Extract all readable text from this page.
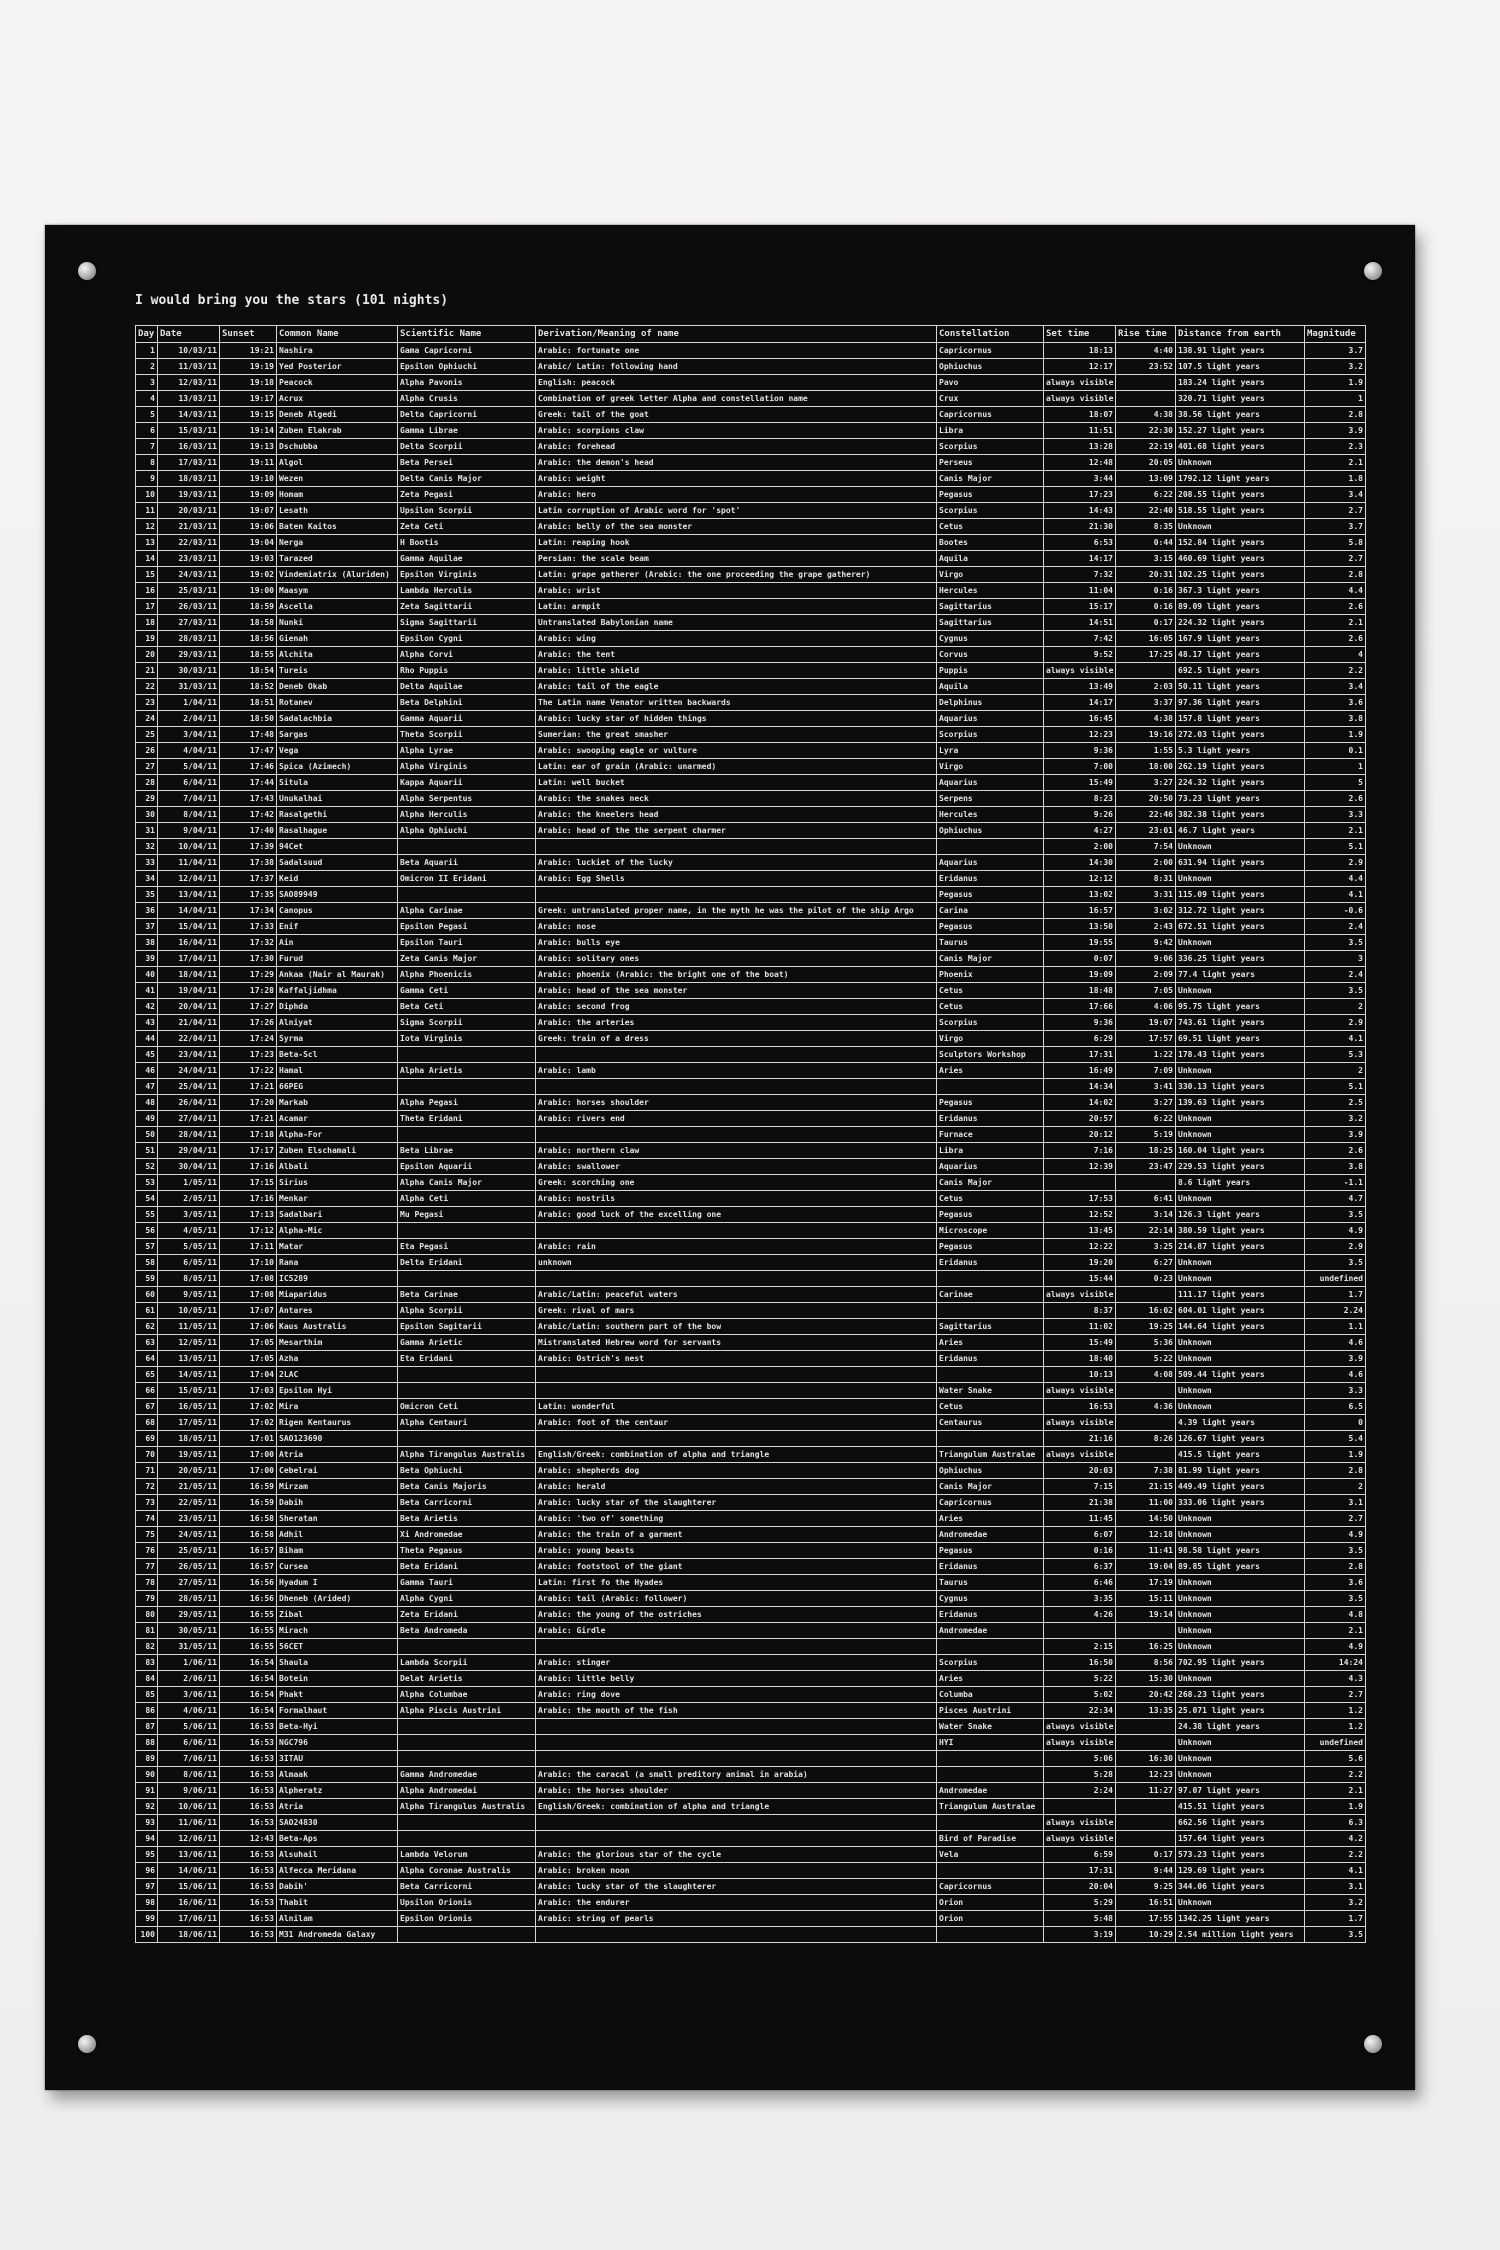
I would bring you the stars (101 nights)
Day	Date	Sunset	Common Name	Scientific Name	Derivation/Meaning of name	Constellation	Set time	Rise time	Distance from earth	Magnitude
1	10/03/11	19:21	Nashira	Gama Capricorni	Arabic: fortunate one	Capricornus	18:13	4:40	138.91 light years	3.7
2	11/03/11	19:19	Yed Posterior	Epsilon Ophiuchi	Arabic/ Latin: following hand	Ophiuchus	12:17	23:52	107.5 light years	3.2
3	12/03/11	19:18	Peacock	Alpha Pavonis	English: peacock	Pavo	always visible		183.24 light years	1.9
4	13/03/11	19:17	Acrux	Alpha Crusis	Combination of greek letter Alpha and constellation name	Crux	always visible		320.71 light years	1
5	14/03/11	19:15	Deneb Algedi	Delta Capricorni	Greek: tail of the goat	Capricornus	18:07	4:38	38.56 light years	2.8
6	15/03/11	19:14	Zuben Elakrab	Gamma Librae	Arabic: scorpions claw	Libra	11:51	22:30	152.27 light years	3.9
7	16/03/11	19:13	Dschubba	Delta Scorpii	Arabic: forehead	Scorpius	13:28	22:19	401.68 light years	2.3
8	17/03/11	19:11	Algol	Beta Persei	Arabic: the demon's head	Perseus	12:48	20:05	Unknown	2.1
9	18/03/11	19:10	Wezen	Delta Canis Major	Arabic: weight	Canis Major	3:44	13:09	1792.12 light years	1.8
10	19/03/11	19:09	Homam	Zeta Pegasi	Arabic: hero	Pegasus	17:23	6:22	208.55 light years	3.4
11	20/03/11	19:07	Lesath	Upsilon Scorpii	Latin corruption of Arabic word for 'spot'	Scorpius	14:43	22:40	518.55 light years	2.7
12	21/03/11	19:06	Baten Kaitos	Zeta Ceti	Arabic: belly of the sea monster	Cetus	21:30	8:35	Unknown	3.7
13	22/03/11	19:04	Nerga	H Bootis	Latin: reaping hook	Bootes	6:53	0:44	152.84 light years	5.8
14	23/03/11	19:03	Tarazed	Gamma Aquilae	Persian: the scale beam	Aquila	14:17	3:15	460.69 light years	2.7
15	24/03/11	19:02	Vindemiatrix (Aluriden)	Epsilon Virginis	Latin: grape gatherer (Arabic: the one proceeding the grape gatherer)	Virgo	7:32	20:31	102.25 light years	2.8
16	25/03/11	19:00	Maasym	Lambda Herculis	Arabic: wrist	Hercules	11:04	0:16	367.3 light years	4.4
17	26/03/11	18:59	Ascella	Zeta Sagittarii	Latin: armpit	Sagittarius	15:17	0:16	89.09 light years	2.6
18	27/03/11	18:58	Nunki	Sigma Sagittarii	Untranslated Babylonian name	Sagittarius	14:51	0:17	224.32 light years	2.1
19	28/03/11	18:56	Gienah	Epsilon Cygni	Arabic: wing	Cygnus	7:42	16:05	167.9 light years	2.6
20	29/03/11	18:55	Alchita	Alpha Corvi	Arabic: the tent	Corvus	9:52	17:25	48.17 light years	4
21	30/03/11	18:54	Tureis	Rho Puppis	Arabic: little shield	Puppis	always visible		692.5 light years	2.2
22	31/03/11	18:52	Deneb Okab	Delta Aquilae	Arabic: tail of the eagle	Aquila	13:49	2:03	50.11 light years	3.4
23	1/04/11	18:51	Rotanev	Beta Delphini	The Latin name Venator written backwards	Delphinus	14:17	3:37	97.36 light years	3.6
24	2/04/11	18:50	Sadalachbia	Gamma Aquarii	Arabic: lucky star of hidden things	Aquarius	16:45	4:38	157.8 light years	3.8
25	3/04/11	17:48	Sargas	Theta Scorpii	Sumerian: the great smasher	Scorpius	12:23	19:16	272.03 light years	1.9
26	4/04/11	17:47	Vega	Alpha Lyrae	Arabic: swooping eagle or vulture	Lyra	9:36	1:55	5.3 light years	0.1
27	5/04/11	17:46	Spica (Azimech)	Alpha Virginis	Latin: ear of grain (Arabic: unarmed)	Virgo	7:00	18:00	262.19 light years	1
28	6/04/11	17:44	Situla	Kappa Aquarii	Latin: well bucket	Aquarius	15:49	3:27	224.32 light years	5
29	7/04/11	17:43	Unukalhai	Alpha Serpentus	Arabic: the snakes neck	Serpens	8:23	20:50	73.23 light years	2.6
30	8/04/11	17:42	Rasalgethi	Alpha Herculis	Arabic: the kneelers head	Hercules	9:26	22:46	382.38 light years	3.3
31	9/04/11	17:40	Rasalhague	Alpha Ophiuchi	Arabic: head of the the serpent charmer	Ophiuchus	4:27	23:01	46.7 light years	2.1
32	10/04/11	17:39	94Cet				2:00	7:54	Unknown	5.1
33	11/04/11	17:38	Sadalsuud	Beta Aquarii	Arabic: luckiet of the lucky	Aquarius	14:30	2:00	631.94 light years	2.9
34	12/04/11	17:37	Keid	Omicron II Eridani	Arabic: Egg Shells	Eridanus	12:12	8:31	Unknown	4.4
35	13/04/11	17:35	SAO89949			Pegasus	13:02	3:31	115.09 light years	4.1
36	14/04/11	17:34	Canopus	Alpha Carinae	Greek: untranslated proper name, in the myth he was the pilot of the ship Argo	Carina	16:57	3:02	312.72 light years	-0.6
37	15/04/11	17:33	Enif	Epsilon Pegasi	Arabic: nose	Pegasus	13:50	2:43	672.51 light years	2.4
38	16/04/11	17:32	Ain	Epsilon Tauri	Arabic: bulls eye	Taurus	19:55	9:42	Unknown	3.5
39	17/04/11	17:30	Furud	Zeta Canis Major	Arabic: solitary ones	Canis Major	0:07	9:06	336.25 light years	3
40	18/04/11	17:29	Ankaa (Nair al Maurak)	Alpha Phoenicis	Arabic: phoenix (Arabic: the bright one of the boat)	Phoenix	19:09	2:09	77.4 light years	2.4
41	19/04/11	17:28	Kaffaljidhma	Gamma Ceti	Arabic: head of the sea monster	Cetus	18:48	7:05	Unknown	3.5
42	20/04/11	17:27	Diphda	Beta Ceti	Arabic: second frog	Cetus	17:66	4:06	95.75 light years	2
43	21/04/11	17:26	Alniyat	Sigma Scorpii	Arabic: the arteries	Scorpius	9:36	19:07	743.61 light years	2.9
44	22/04/11	17:24	Syrma	Iota Virginis	Greek: train of a dress	Virgo	6:29	17:57	69.51 light years	4.1
45	23/04/11	17:23	Beta-Scl			Sculptors Workshop	17:31	1:22	178.43 light years	5.3
46	24/04/11	17:22	Hamal	Alpha Arietis	Arabic: lamb	Aries	16:49	7:09	Unknown	2
47	25/04/11	17:21	66PEG				14:34	3:41	330.13 light years	5.1
48	26/04/11	17:20	Markab	Alpha Pegasi	Arabic: horses shoulder	Pegasus	14:02	3:27	139.63 light years	2.5
49	27/04/11	17:21	Acamar	Theta Eridani	Arabic: rivers end	Eridanus	20:57	6:22	Unknown	3.2
50	28/04/11	17:18	Alpha-For			Furnace	20:12	5:19	Unknown	3.9
51	29/04/11	17:17	Zuben Elschamali	Beta Librae	Arabic: northern claw	Libra	7:16	18:25	160.04 light years	2.6
52	30/04/11	17:16	Albali	Epsilon Aquarii	Arabic: swallower	Aquarius	12:39	23:47	229.53 light years	3.8
53	1/05/11	17:15	Sirius	Alpha Canis Major	Greek: scorching one	Canis Major			8.6 light years	-1.1
54	2/05/11	17:16	Menkar	Alpha Ceti	Arabic: nostrils	Cetus	17:53	6:41	Unknown	4.7
55	3/05/11	17:13	Sadalbari	Mu Pegasi	Arabic: good luck of the excelling one	Pegasus	12:52	3:14	126.3 light years	3.5
56	4/05/11	17:12	Alpha-Mic			Microscope	13:45	22:14	380.59 light years	4.9
57	5/05/11	17:11	Matar	Eta Pegasi	Arabic: rain	Pegasus	12:22	3:25	214.87 light years	2.9
58	6/05/11	17:10	Rana	Delta Eridani	unknown	Eridanus	19:20	6:27	Unknown	3.5
59	8/05/11	17:08	IC5289				15:44	0:23	Unknown	undefined
60	9/05/11	17:08	Miaparidus	Beta Carinae	Arabic/Latin: peaceful waters	Carinae	always visible		111.17 light years	1.7
61	10/05/11	17:07	Antares	Alpha Scorpii	Greek: rival of mars		8:37	16:02	604.01 light years	2.24
62	11/05/11	17:06	Kaus Australis	Epsilon Sagitarii	Arabic/Latin: southern part of the bow	Sagittarius	11:02	19:25	144.64 light years	1.1
63	12/05/11	17:05	Mesarthim	Gamma Arietic	Mistranslated Hebrew word for servants	Aries	15:49	5:36	Unknown	4.6
64	13/05/11	17:05	Azha	Eta Eridani	Arabic: Ostrich's nest	Eridanus	18:40	5:22	Unknown	3.9
65	14/05/11	17:04	2LAC				10:13	4:08	509.44 light years	4.6
66	15/05/11	17:03	Epsilon Hyi			Water Snake	always visible		Unknown	3.3
67	16/05/11	17:02	Mira	Omicron Ceti	Latin: wonderful	Cetus	16:53	4:36	Unknown	6.5
68	17/05/11	17:02	Rigen Kentaurus	Alpha Centauri	Arabic: foot of the centaur	Centaurus	always visible		4.39 light years	0
69	18/05/11	17:01	SAO123690				21:16	8:26	126.67 light years	5.4
70	19/05/11	17:00	Atria	Alpha Tirangulus Australis	English/Greek: combination of alpha and triangle	Triangulum Australae	always visible		415.5 light years	1.9
71	20/05/11	17:00	Cebelrai	Beta Ophiuchi	Arabic: shepherds dog	Ophiuchus	20:03	7:38	81.99 light years	2.8
72	21/05/11	16:59	Mirzam	Beta Canis Majoris	Arabic: herald	Canis Major	7:15	21:15	449.49 light years	2
73	22/05/11	16:59	Dabih	Beta Carricorni	Arabic: lucky star of the slaughterer	Capricornus	21:38	11:00	333.06 light years	3.1
74	23/05/11	16:58	Sheratan	Beta Arietis	Arabic: 'two of' something	Aries	11:45	14:50	Unknown	2.7
75	24/05/11	16:58	Adhil	Xi Andromedae	Arabic: the train of a garment	Andromedae	6:07	12:18	Unknown	4.9
76	25/05/11	16:57	Biham	Theta Pegasus	Arabic: young beasts	Pegasus	0:16	11:41	98.58 light years	3.5
77	26/05/11	16:57	Cursea	Beta Eridani	Arabic: footstool of the giant	Eridanus	6:37	19:04	89.85 light years	2.8
78	27/05/11	16:56	Hyadum I	Gamma Tauri	Latin: first fo the Hyades	Taurus	6:46	17:19	Unknown	3.6
79	28/05/11	16:56	Dheneb (Arided)	Alpha Cygni	Arabic: tail (Arabic: follower)	Cygnus	3:35	15:11	Unknown	3.5
80	29/05/11	16:55	Zibal	Zeta Eridani	Arabic: the young of the ostriches	Eridanus	4:26	19:14	Unknown	4.8
81	30/05/11	16:55	Mirach	Beta Andromeda	Arabic: Girdle	Andromedae			Unknown	2.1
82	31/05/11	16:55	56CET				2:15	16:25	Unknown	4.9
83	1/06/11	16:54	Shaula	Lambda Scorpii	Arabic: stinger	Scorpius	16:50	8:56	702.95 light years	14:24
84	2/06/11	16:54	Botein	Delat Arietis	Arabic: little belly	Aries	5:22	15:30	Unknown	4.3
85	3/06/11	16:54	Phakt	Alpha Columbae	Arabic: ring dove	Columba	5:02	20:42	268.23 light years	2.7
86	4/06/11	16:54	Formalhaut	Alpha Piscis Austrini	Arabic: the mouth of the fish	Pisces Austrini	22:34	13:35	25.071 light years	1.2
87	5/06/11	16:53	Beta-Hyi			Water Snake	always visible		24.38 light years	1.2
88	6/06/11	16:53	NGC796			HYI	always visible		Unknown	undefined
89	7/06/11	16:53	3ITAU				5:06	16:30	Unknown	5.6
90	8/06/11	16:53	Almaak	Gamma Andromedae	Arabic: the caracal (a small preditory animal in arabia)		5:28	12:23	Unknown	2.2
91	9/06/11	16:53	Alpheratz	Alpha Andromedai	Arabic: the horses shoulder	Andromedae	2:24	11:27	97.07 light years	2.1
92	10/06/11	16:53	Atria	Alpha Tirangulus Australis	English/Greek: combination of alpha and triangle	Triangulum Australae			415.51 light years	1.9
93	11/06/11	16:53	SAO24830				always visible		662.56 light years	6.3
94	12/06/11	12:43	Beta-Aps			Bird of Paradise	always visible		157.64 light years	4.2
95	13/06/11	16:53	Alsuhail	Lambda Velorum	Arabic: the glorious star of the cycle	Vela	6:59	0:17	573.23 light years	2.2
96	14/06/11	16:53	Alfecca Meridana	Alpha Coronae Australis	Arabic: broken noon		17:31	9:44	129.69 light years	4.1
97	15/06/11	16:53	Dabih'	Beta Carricorni	Arabic: lucky star of the slaughterer	Capricornus	20:04	9:25	344.06 light years	3.1
98	16/06/11	16:53	Thabit	Upsilon Orionis	Arabic: the endurer	Orion	5:29	16:51	Unknown	3.2
99	17/06/11	16:53	Alnilam	Epsilon Orionis	Arabic: string of pearls	Orion	5:48	17:55	1342.25 light years	1.7
100	18/06/11	16:53	M31 Andromeda Galaxy				3:19	10:29	2.54 million light years	3.5
